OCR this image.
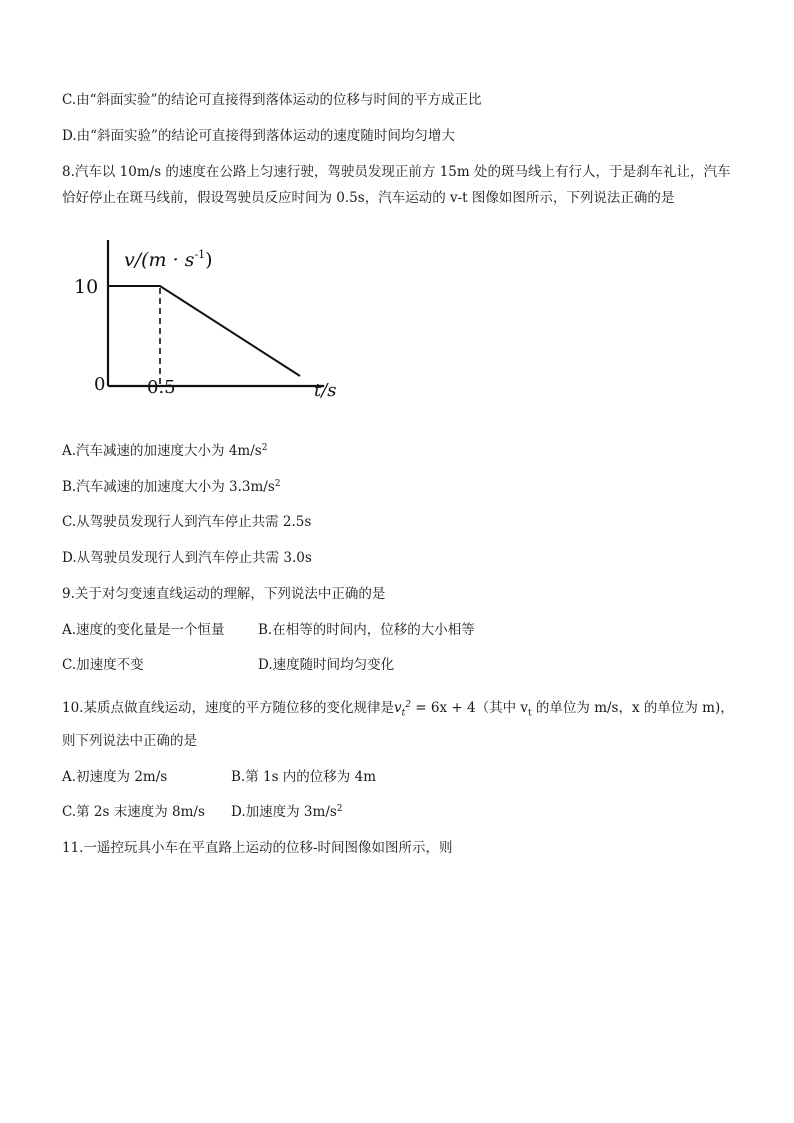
C.由“斜面实验”的结论可直接得到落体运动的位移与时间的平方成正比
D.由“斜面实验”的结论可直接得到落体运动的速度随时间均匀增大
8.汽车以 10m/s 的速度在公路上匀速行驶，驾驶员发现正前方 15m 处的斑马线上有行人，于是刹车礼让，汽车
恰好停止在斑马线前，假设驾驶员反应时间为 0.5s，汽车运动的 v-t 图像如图所示，下列说法正确的是
$v/(m \cdot s^{-1})$
10
0 0.5	t/s
A.汽车减速的加速度大小为 $4m/s^2$
B.汽车减速的加速度大小为 $3.3m/s^2$
C.从驾驶员发现行人到汽车停止共需 2.5s
D.从驾驶员发现行人到汽车停止共需 3.0s
9.关于对匀变速直线运动的理解，下列说法中正确的是
A.速度的变化量是一个恒量 B.在相等的时间内，位移的大小相等
C.加速度不变	D.速度随时间均匀变化
10.某质点做直线运动，速度的平方随位移的变化规律是$v_t^2 = 6x + 4$（其中 $v_t$ 的单位为 m/s，x 的单位为 m)，
则下列说法中正确的是
A.初速度为 2m/s	B.第 1s 内的位移为 4m
C.第 2s 末速度为 8m/s D.加速度为 $3m/s^2$
11.一遥控玩具小车在平直路上运动的位移-时间图像如图所示，则
